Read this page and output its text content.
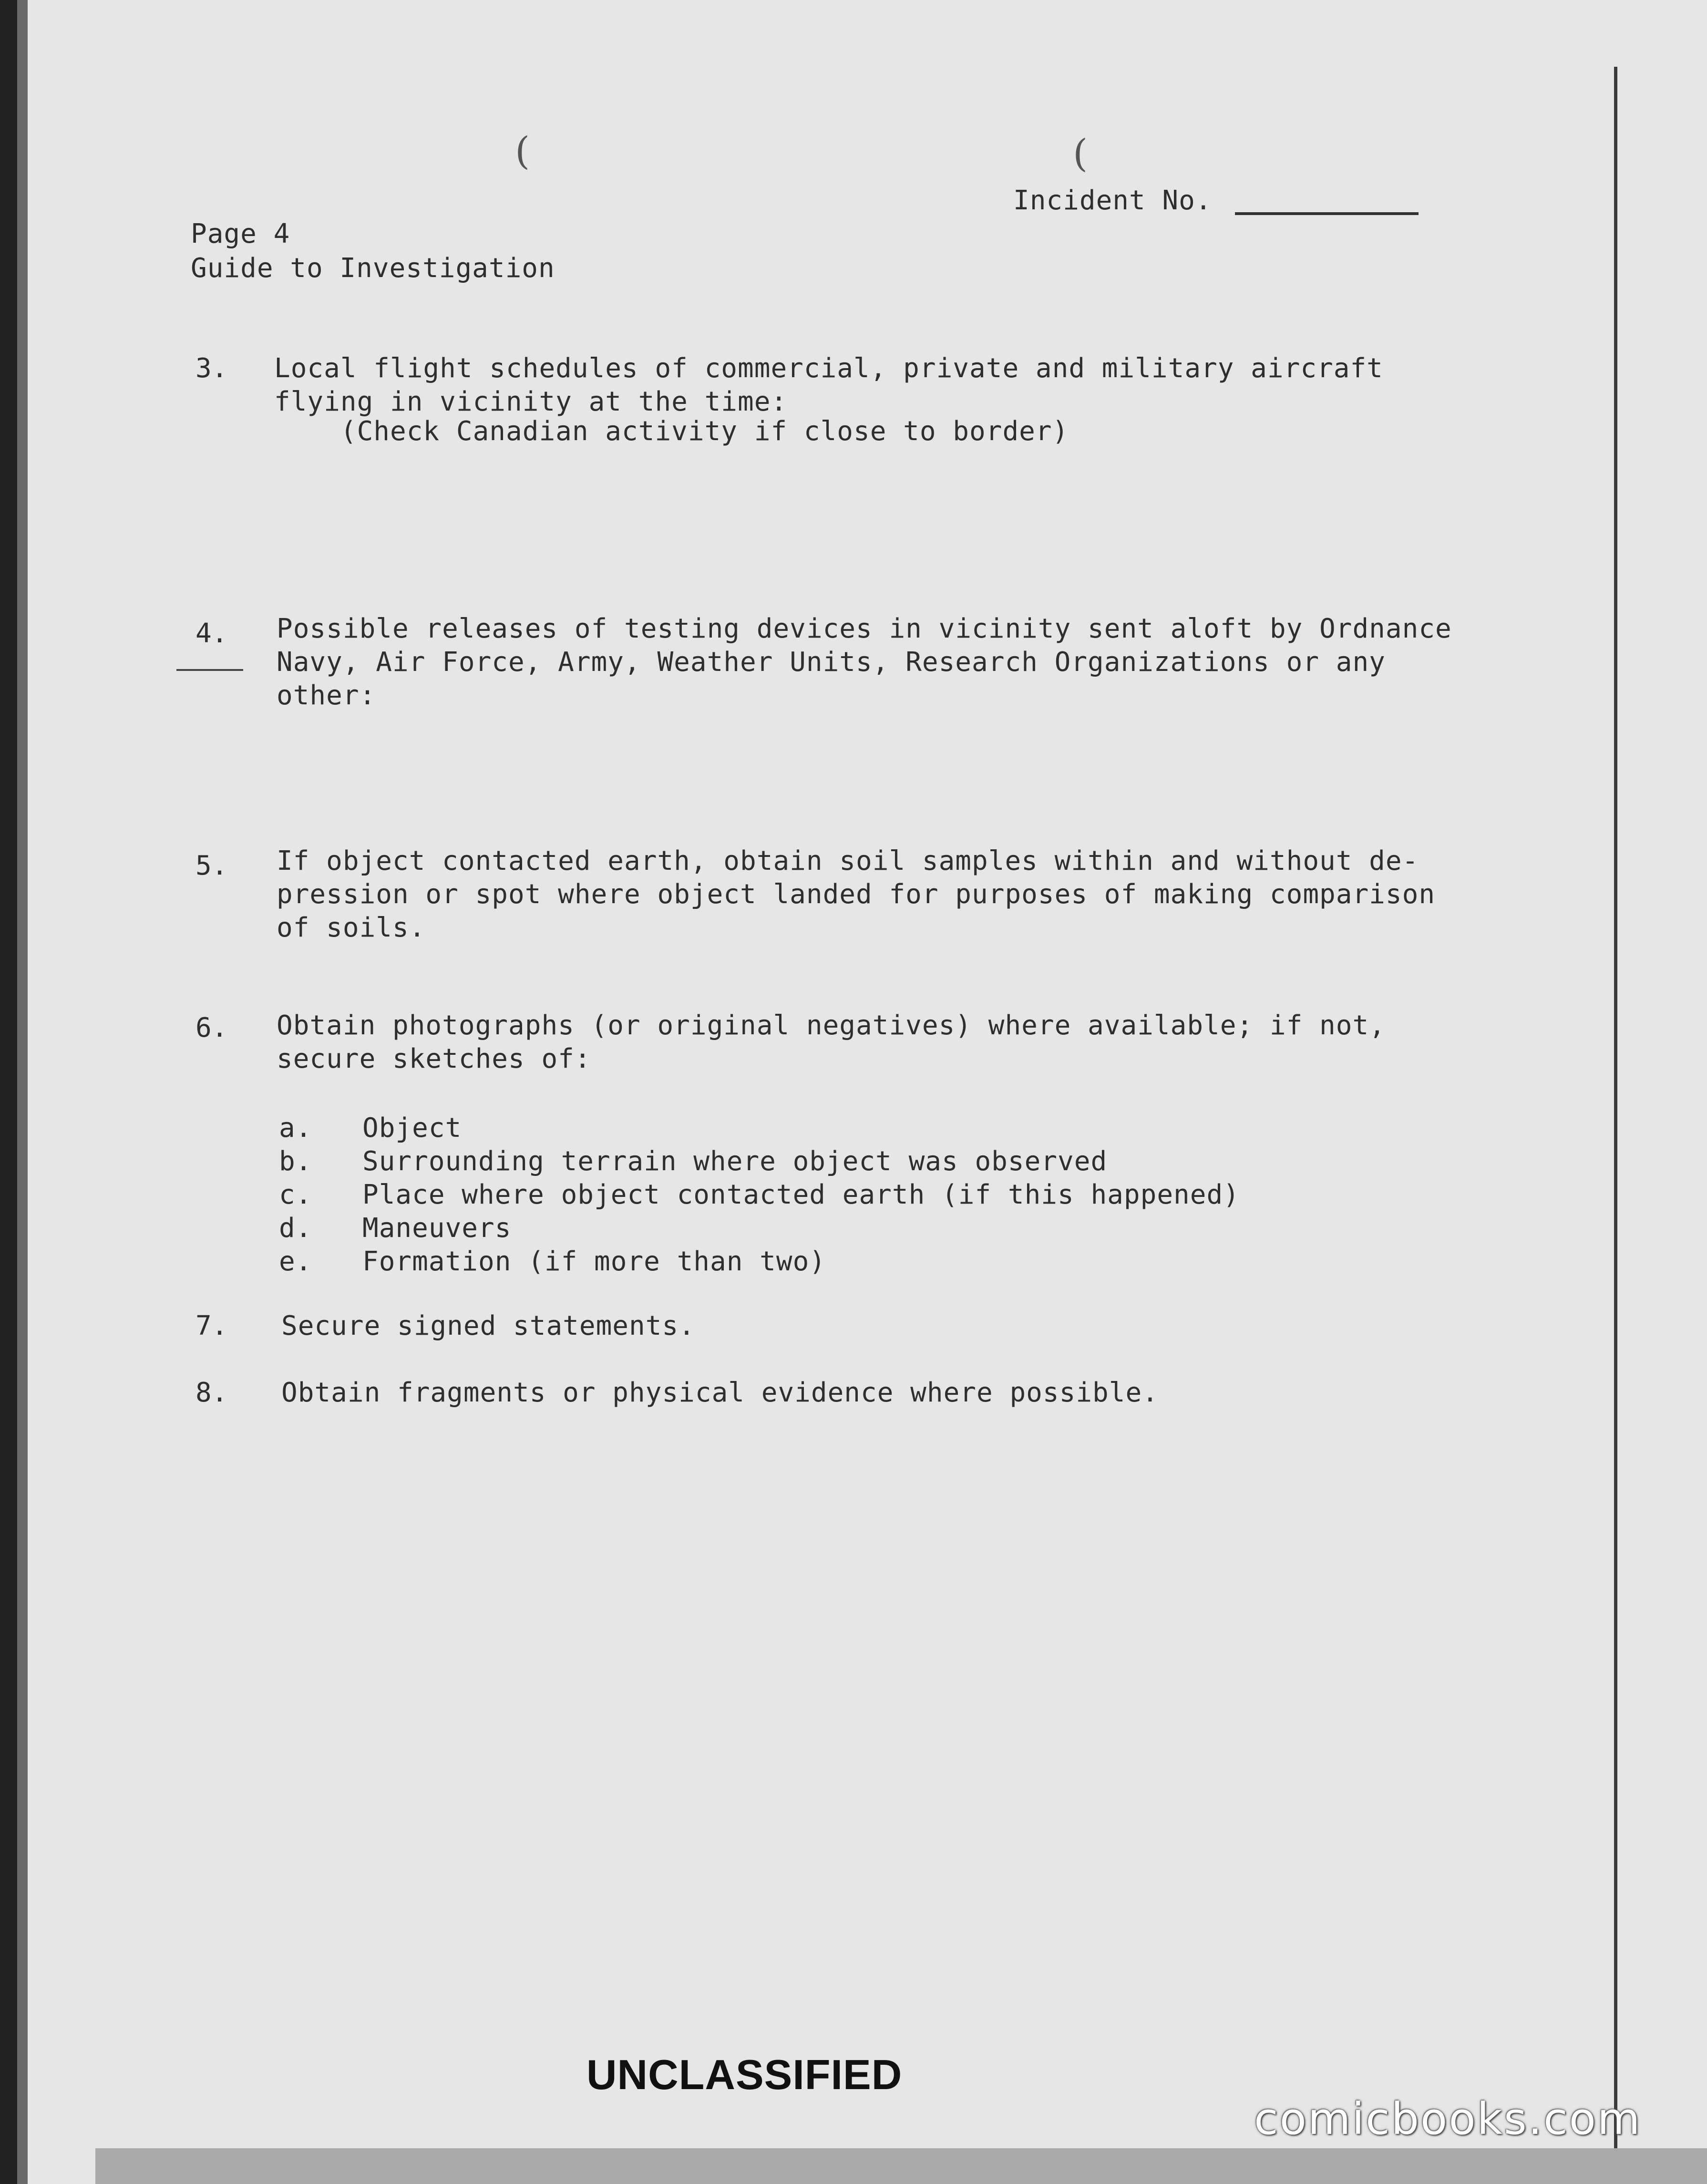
(	(
Incident No.
Page 4
Guide to Investigation
3. Local flight schedules of commercial, private and military aircraft
flying in vicinity at the time:
(Check Canadian activity if close to border)
4. Possible releases of testing devices in vicinity sent aloft by Ordnance
Navy, Air Force, Army, Weather Units, Research Organizations or any
other:
5. If object contacted earth, obtain soil samples within and without de-
pression or spot where object landed for purposes of making comparison
of soils.
6. Obtain photographs (or original negatives) where available; if not,
secure sketches of:
a. Object
b. Surrounding terrain where object was observed
c. Place where object contacted earth (if this happened)
d. Maneuvers
e. Formation (if more than two)
7. Secure signed statements.
8. Obtain fragments or physical evidence where possible.
UNCLASSIFIED
comicbooks.com
